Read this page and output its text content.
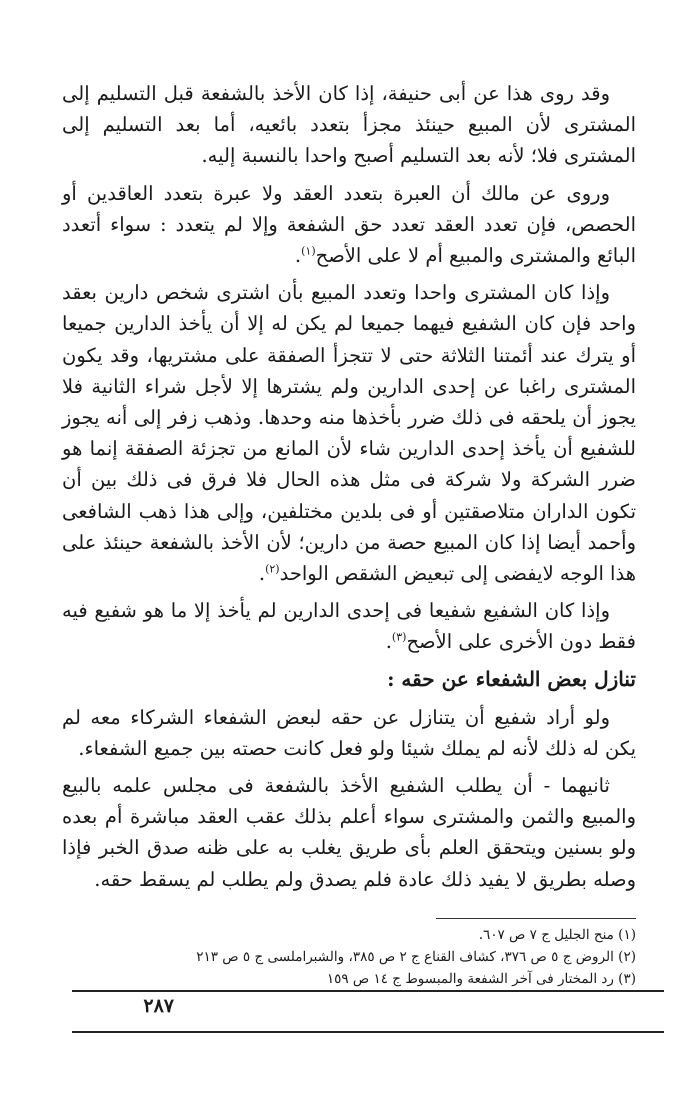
وقد روى هذا عن أبى حنيفة، إذا كان الأخذ بالشفعة قبل التسليم إلى المشترى لأن المبيع حينئذ مجزأ بتعدد بائعيه، أما بعد التسليم إلى المشترى فلا؛ لأنه بعد التسليم أصبح واحدا بالنسبة إليه.

وروى عن مالك أن العبرة بتعدد العقد ولا عبرة بتعدد العاقدين أو الحصص، فإن تعدد العقد تعدد حق الشفعة وإلا لم يتعدد : سواء أتعدد البائع والمشترى والمبيع أم لا على الأصح$^{(١)}$.

وإذا كان المشترى واحدا وتعدد المبيع بأن اشترى شخص دارين بعقد واحد فإن كان الشفيع فيهما جميعا لم يكن له إلا أن يأخذ الدارين جميعا أو يترك عند أئمتنا الثلاثة حتى لا تتجزأ الصفقة على مشتريها، وقد يكون المشترى راغبا عن إحدى الدارين ولم يشترها إلا لأجل شراء الثانية فلا يجوز أن يلحقه فى ذلك ضرر بأخذها منه وحدها. وذهب زفر إلى أنه يجوز للشفيع أن يأخذ إحدى الدارين شاء لأن المانع من تجزئة الصفقة إنما هو ضرر الشركة ولا شركة فى مثل هذه الحال فلا فرق فى ذلك بين أن تكون الداران متلاصقتين أو فى بلدين مختلفين، وإلى هذا ذهب الشافعى وأحمد أيضا إذا كان المبيع حصة من دارين؛ لأن الأخذ بالشفعة حينئذ على هذا الوجه لايفضى إلى تبعيض الشقص الواحد$^{(٢)}$.

وإذا كان الشفيع شفيعا فى إحدى الدارين لم يأخذ إلا ما هو شفيع فيه فقط دون الأخرى على الأصح$^{(٣)}$.

تنازل بعض الشفعاء عن حقه :

ولو أراد شفيع أن يتنازل عن حقه لبعض الشفعاء الشركاء معه لم يكن له ذلك لأنه لم يملك شيئا ولو فعل كانت حصته بين جميع الشفعاء.

ثانيهما - أن يطلب الشفيع الأخذ بالشفعة فى مجلس علمه بالبيع والمبيع والثمن والمشترى سواء أعلم بذلك عقب العقد مباشرة أم بعده ولو بسنين ويتحقق العلم بأى طريق يغلب به على ظنه صدق الخبر فإذا وصله بطريق لا يفيد ذلك عادة فلم يصدق ولم يطلب لم يسقط حقه.

(١) منح الجليل ج ٧ ص ٦٠٧.
(٢) الروض ج ٥ ص ٣٧٦، كشاف القناع ج ٢ ص ٣٨٥، والشبراملسى ج ٥ ص ٢١٣
(٣) رد المختار فى آخر الشفعة والمبسوط ج ١٤ ص ١٥٩
٢٨٧
